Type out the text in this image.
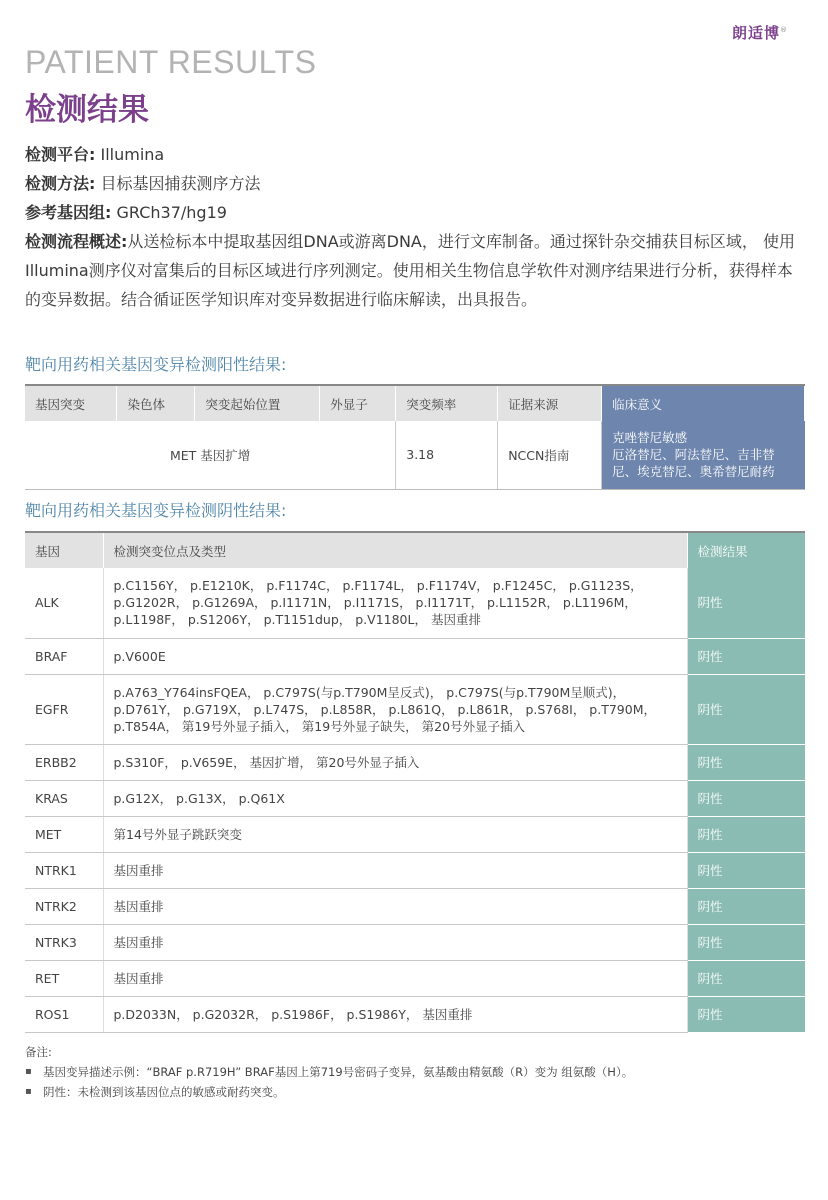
朗适博®
PATIENT RESULTS
检测结果
检测平台: Illumina
检测方法: 目标基因捕获测序方法
参考基因组: GRCh37/hg19
检测流程概述:从送检标本中提取基因组DNA或游离DNA，进行文库制备。通过探针杂交捕获目标区域， 使用Illumina测序仪对富集后的目标区域进行序列测定。使用相关生物信息学软件对测序结果进行分析，获得样本的变异数据。结合循证医学知识库对变异数据进行临床解读，出具报告。
靶向用药相关基因变异检测阳性结果:
基因突变	染色体	突变起始位置	外显子	突变频率	证据来源	临床意义
MET 基因扩增				3.18	NCCN指南	克唑替尼敏感
厄洛替尼、阿法替尼、吉非替尼、埃克替尼、奥希替尼耐药
靶向用药相关基因变异检测阴性结果:
基因	检测突变位点及类型	检测结果
ALK	p.C1156Y， p.E1210K， p.F1174C， p.F1174L， p.F1174V， p.F1245C， p.G1123S， p.G1202R， p.G1269A， p.I1171N， p.I1171S， p.I1171T， p.L1152R， p.L1196M， p.L1198F， p.S1206Y， p.T1151dup， p.V1180L， 基因重排	阴性
BRAF	p.V600E	阴性
EGFR	p.A763_Y764insFQEA， p.C797S(与p.T790M呈反式)， p.C797S(与p.T790M呈顺式)， p.D761Y， p.G719X， p.L747S， p.L858R， p.L861Q， p.L861R， p.S768I， p.T790M， p.T854A， 第19号外显子插入， 第19号外显子缺失， 第20号外显子插入	阴性
ERBB2	p.S310F， p.V659E， 基因扩增， 第20号外显子插入	阴性
KRAS	p.G12X， p.G13X， p.Q61X	阴性
MET	第14号外显子跳跃突变	阴性
NTRK1	基因重排	阴性
NTRK2	基因重排	阴性
NTRK3	基因重排	阴性
RET	基因重排	阴性
ROS1	p.D2033N， p.G2032R， p.S1986F， p.S1986Y， 基因重排	阴性
备注:
▪ 基因变异描述示例：“BRAF p.R719H” BRAF基因上第719号密码子变异，氨基酸由精氨酸（R）变为 组氨酸（H）。
▪ 阴性：未检测到该基因位点的敏感或耐药突变。
